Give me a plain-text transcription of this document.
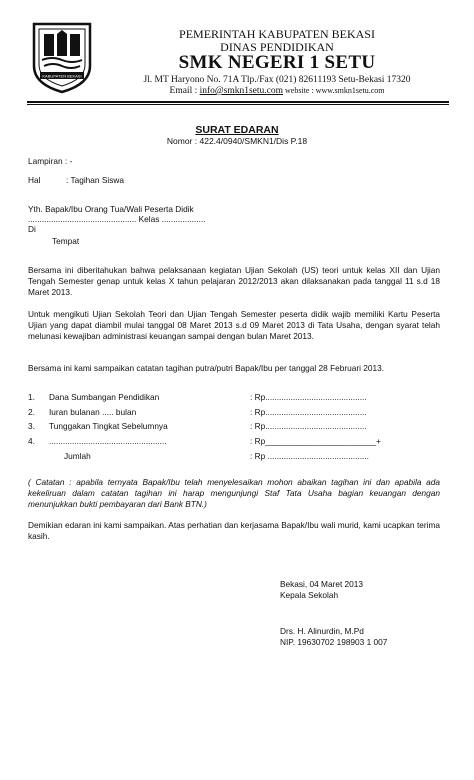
KABUPATEN BEKASI
PEMERINTAH KABUPATEN BEKASI
DINAS PENDIDIKAN
SMK NEGERI 1 SETU
Jl. MT Haryono No. 71A Tlp./Fax (021) 82611193 Setu-Bekasi 17320
Email : info@smkn1setu.com website : www.smkn1setu.com
SURAT EDARAN
Nomor : 422.4/0940/SMKN1/Dis P.18
Lampiran : -
Hal	: Tagihan Siswa
Yth. Bapak/Ibu Orang Tua/Wali Peserta Didik
............................................... Kelas ...................
Di
Tempat
Bersama ini diberitahukan bahwa pelaksanaan kegiatan Ujian Sekolah (US) teori untuk kelas XII dan Ujian Tengah Semester genap untuk kelas X tahun pelajaran 2012/2013 akan dilaksanakan pada tanggal 11 s.d 18 Maret 2013.
Untuk mengikuti Ujian Sekolah Teori dan Ujian Tengah Semester peserta didik wajib memiliki Kartu Peserta Ujian yang dapat diambil mulai tanggal 08 Maret 2013 s.d 09 Maret 2013 di Tata Usaha, dengan syarat telah melunasi kewajiban administrasi keuangan sampai dengan bulan Maret 2013.
Bersama ini kami sampaikan catatan tagihan putra/putri Bapak/Ibu per tanggal 28 Februari 2013.
1. Dana Sumbangan Pendidikan	: Rp............................................
2. Iuran bulanan ..... bulan	: Rp............................................
3. Tunggakan Tingkat Sebelumnya	: Rp............................................
4. ...................................................	: Rp________________________+
Jumlah	: Rp ............................................
( Catatan : apabila ternyata Bapak/Ibu telah menyelesaikan mohon abaikan tagihan ini dan apabila ada kekeliruan dalam catatan tagihan ini harap mengunjungi Staf Tata Usaha bagian keuangan dengan menunjukkan bukti pembayaran dari Bank BTN.)
Demikian edaran ini kami sampaikan. Atas perhatian dan kerjasama Bapak/Ibu wali murid, kami ucapkan terima kasih.
Bekasi, 04 Maret 2013
Kepala Sekolah
Drs. H. Alinurdin, M.Pd
NIP. 19630702 198903 1 007
